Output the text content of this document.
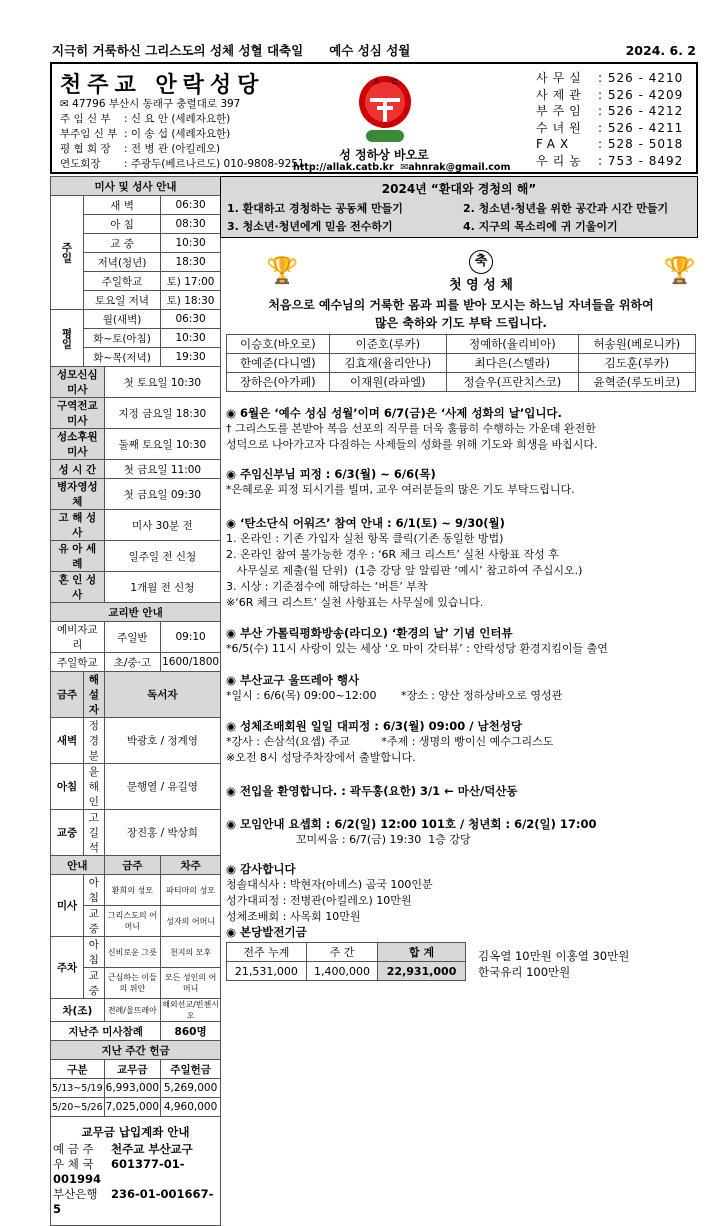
지극히 거룩하신 그리스도의 성체 성혈 대축일 예수 성심 성월	2024. 6. 2
천주교 안락성당
✉ 47796 부산시 동래구 충렬대로 397
주 임 신 부 : 신 요 안 (세례자요한)
부주임 신 부 : 이 송 섭 (세례자요한)
평 협 회 장 : 전 병 관 (아킬레오)
연도회장 : 주광두(베르나르도) 010-9808-9251
A Ω
성 정하상 바오로
http://allak.catb.kr  ✉ahnrak@gmail.com
사무실	: 526 - 4210
사제관	: 526 - 4209
부주임	: 526 - 4212
수녀원	: 526 - 4211
FAX	: 528 - 5018
우리농	: 753 - 8492
미사 및 성사 안내			
주일	새 벽		06:30
	아 침		08:30
	교 중		10:30
	저녁(청년)		18:30
	주일학교		토) 17:00
	토요일 저녁		토) 18:30
평일	월(새벽)		06:30
	화~토(아침)		10:30
	화~목(저녁)		19:30
성모신심미사		첫 토요일 10:30	
구역전교미사		지정 금요일 18:30	
성소후원미사		둘째 토요일 10:30	
성 시 간		첫 금요일 11:00	
병자영성체		첫 금요일 09:30	
고 해 성 사		미사 30분 전	
유 아 세 례		일주일 전 신청	
혼 인 성 사		1개월 전 신청	
교리반 안내			
예비자교리		주일반	09:10
주일학교		초/중·고	1600/1800
금주	해설자	독서자	
새벽	정경분	박광호 / 정계영	
아침	윤해인	문행열 / 유길영	
교중	고길석	장진홍 / 박상희	
안내		금주	차주
미사	아침	환희의 성모	파티마의 성모
	교중	그리스도의 어머니	성자의 어머니
주차	아침	신비로운 그릇	천지의 모후
	교중	근심하는 이들의 위안	모든 성인의 어머니
차(조)		전례/울뜨레아	해외선교/빈첸시오
지난주 미사참례			860명
지난 주간 헌금			
구분		교무금	주일헌금
5/13~5/19		6,993,000	5,269,000
5/20~5/26		7,025,000	4,960,000

교무금 납입계좌 안내
예 금 주 천주교 부산교구
우 체 국 601377-01-001994
부산은행 236-01-001667-5			
2024년 “환대와 경청의 해”
1. 환대하고 경청하는 공동체 만들기	2. 청소년·청년을 위한 공간과 시간 만들기
3. 청소년·청년에게 믿음 전수하기	4. 지구의 목소리에 귀 기울이기
🏆	축
첫 영 성 체	🏆
처음으로 예수님의 거룩한 몸과 피를 받아 모시는 하느님 자녀들을 위하여
많은 축하와 기도 부탁 드립니다.
이승호(바오로)	이준호(루카)	정예하(율리비아)	허송원(베로니카)
한예준(다니엘)	김효재(율리안나)	최다은(스텔라)	김도훈(루카)
장하은(아가페)	이재원(라파엘)	정슬우(프란치스코)	윤혁준(루도비코)
◉ 6월은 ‘예수 성심 성월’이며 6/7(금)은 ‘사제 성화의 날’입니다.
† 그리스도를 본받아 복음 선포의 직무를 더욱 훌륭히 수행하는 가운데 완전한
성덕으로 나아가고자 다짐하는 사제들의 성화를 위해 기도와 희생을 바칩시다.
◉ 주임신부님 피정 : 6/3(월) ~ 6/6(목)
*은혜로운 피정 되시기를 빌며, 교우 여러분들의 많은 기도 부탁드립니다.
◉ ‘탄소단식 어워즈’ 참여 안내 : 6/1(토) ~ 9/30(월)
1. 온라인 : 기존 가입자 실천 항목 클릭(기존 동일한 방법)
2. 온라인 참여 불가능한 경우 : ‘6R 체크 리스트’ 실천 사항표 작성 후
사무실로 제출(월 단위)  (1층 강당 앞 알림판 ‘예시’ 참고하여 주십시오.)
3. 시상 : 기준점수에 해당하는 ‘버튼’ 부착
※‘6R 체크 리스트’ 실천 사항표는 사무실에 있습니다.
◉ 부산 가톨릭평화방송(라디오) ‘환경의 날’ 기념 인터뷰
*6/5(수) 11시 사랑이 있는 세상 ‘오 마이 갓터뷰’ : 안락성당 환경지킴이들 출연
◉ 부산교구 울뜨레아 행사
*일시 : 6/6(목) 09:00~12:00       *장소 : 양산 정하상바오로 영성관
◉ 성체조배회원 일일 대피정 : 6/3(월) 09:00 / 남천성당
*강사 : 손삼석(요셉) 주교         *주제 : 생명의 빵이신 예수그리스도
※오전 8시 성당주차장에서 출발합니다.
◉ 전입을 환영합니다. : 곽두홍(요한) 3/1 ← 마산/덕산동
◉ 모임안내 요셉회 : 6/2(일) 12:00 101호 / 청년회 : 6/2(일) 17:00
꼬미씨움 : 6/7(금) 19:30  1층 강당
◉ 감사합니다
청솔대식사 : 박현자(아녜스) 곰국 100인분
성가대피정 : 전병관(아킬레오) 10만원
성체조배회 : 사목회 10만원
◉ 본당발전기금
전주 누계	주 간	합 계
21,531,000	1,400,000	22,931,000
김옥열 10만원 이홍열 30만원
한국유리 100만원
